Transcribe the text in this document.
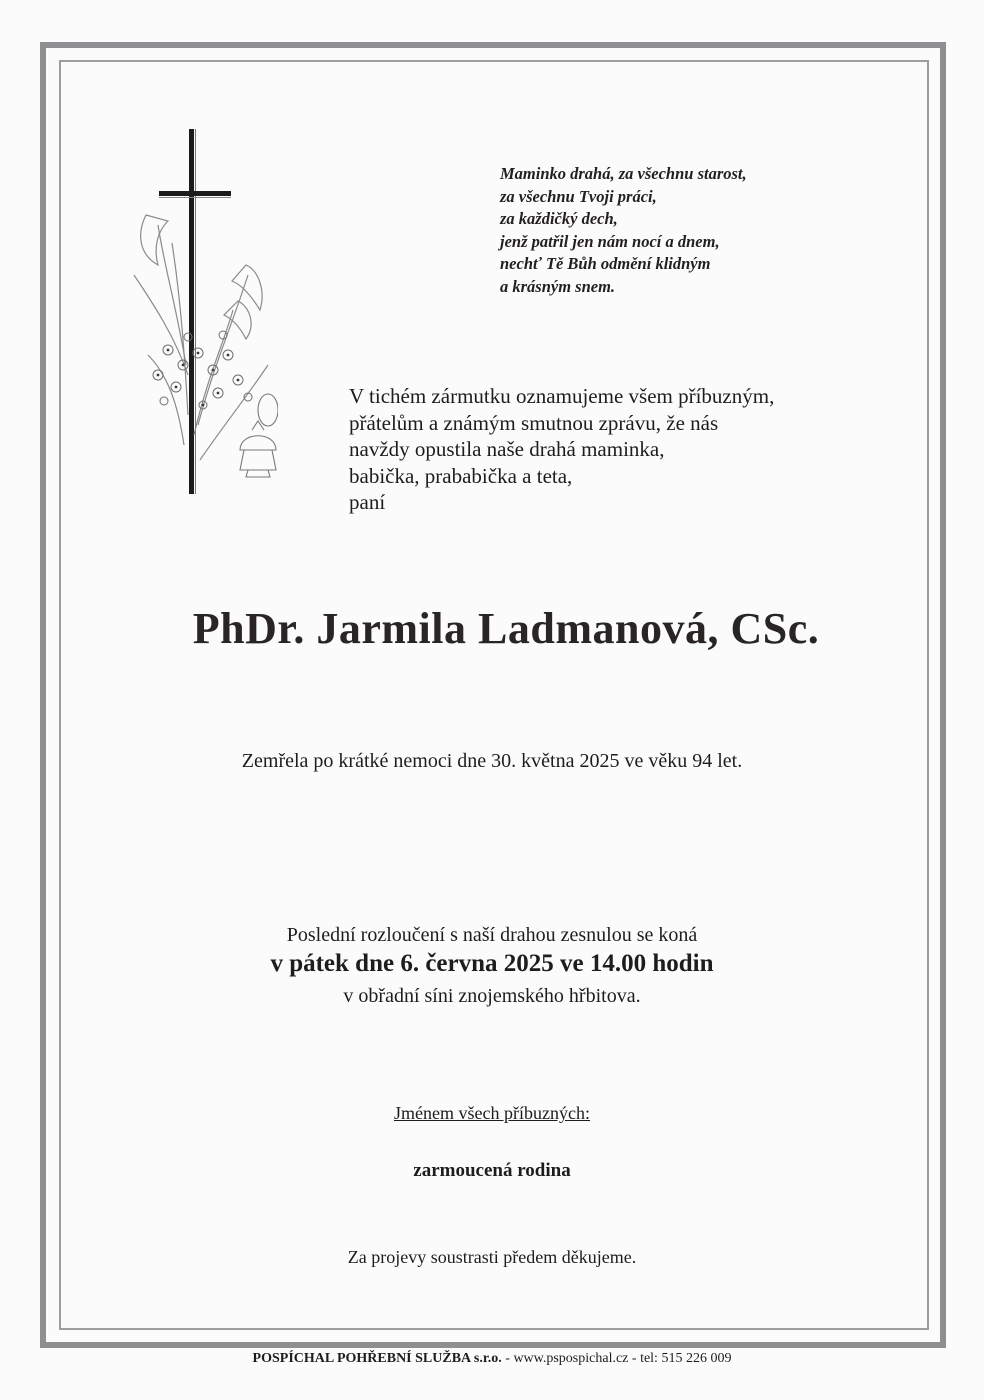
Maminko drahá, za všechnu starost,
za všechnu Tvoji práci,
za každičký dech,
jenž patřil jen nám nocí a dnem,
nechť Tě Bůh odmění klidným
a krásným snem.
V tichém zármutku oznamujeme všem příbuzným,
přátelům a známým smutnou zprávu, že nás
navždy opustila naše drahá maminka,
babička, prababička a teta,
paní
PhDr. Jarmila Ladmanová, CSc.
Zemřela po krátké nemoci dne 30. května 2025 ve věku 94 let.
Poslední rozloučení s naší drahou zesnulou se koná
v pátek dne 6. června 2025 ve 14.00 hodin
v obřadní síni znojemského hřbitova.
Jménem všech příbuzných:
zarmoucená rodina
Za projevy soustrasti předem děkujeme.
POSPÍCHAL POHŘEBNÍ SLUŽBA s.r.o. - www.pspospichal.cz - tel: 515 226 009
